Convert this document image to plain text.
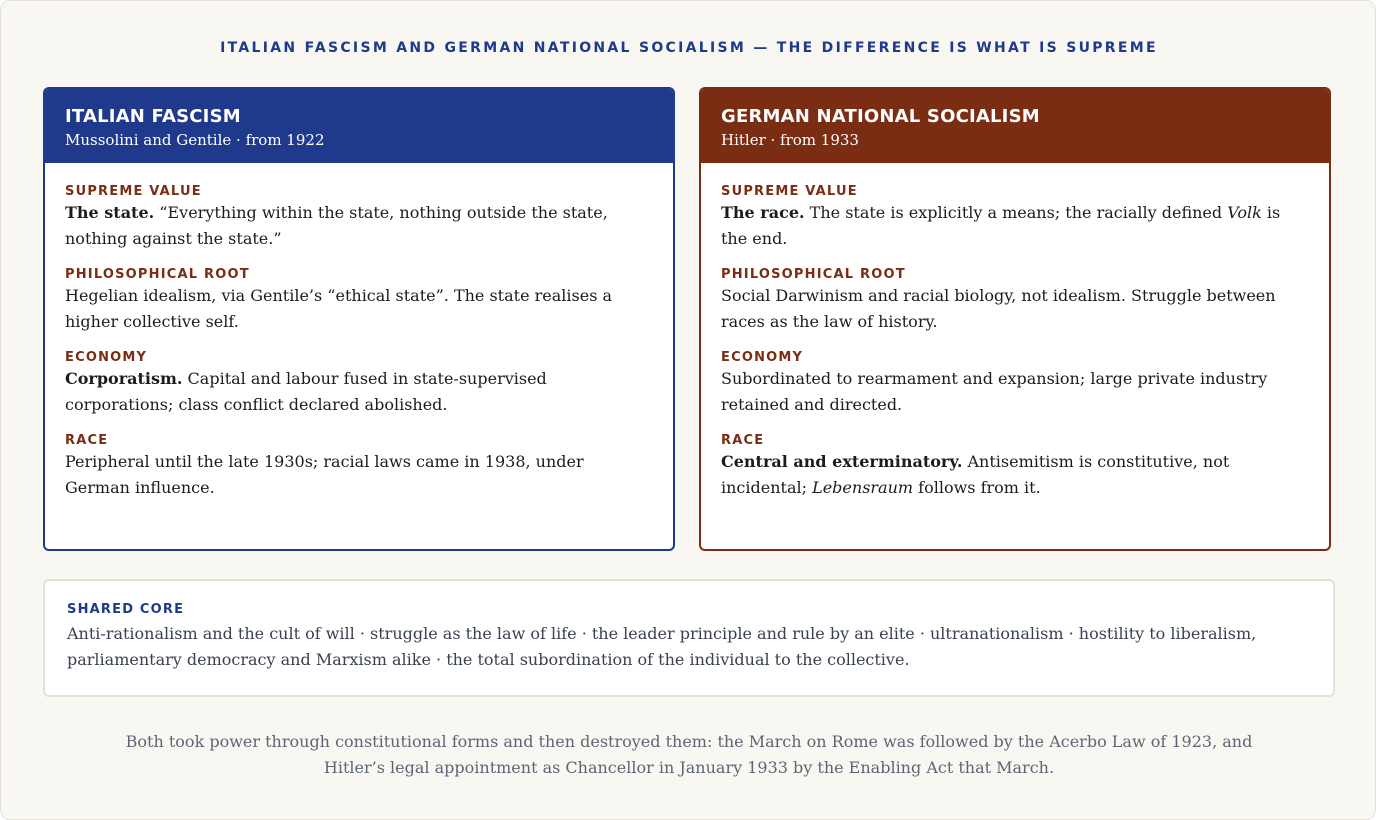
ITALIAN FASCISM AND GERMAN NATIONAL SOCIALISM — THE DIFFERENCE IS WHAT IS SUPREME
ITALIAN FASCISM
Mussolini and Gentile · from 1922
SUPREME VALUE
The state. “Everything within the state, nothing outside the state, nothing against the state.”
PHILOSOPHICAL ROOT
Hegelian idealism, via Gentile’s “ethical state”. The state realises a higher collective self.
ECONOMY
Corporatism. Capital and labour fused in state-supervised corporations; class conflict declared abolished.
RACE
Peripheral until the late 1930s; racial laws came in 1938, under German influence.
GERMAN NATIONAL SOCIALISM
Hitler · from 1933
SUPREME VALUE
The race. The state is explicitly a means; the racially defined Volk is the end.
PHILOSOPHICAL ROOT
Social Darwinism and racial biology, not idealism. Struggle between races as the law of history.
ECONOMY
Subordinated to rearmament and expansion; large private industry retained and directed.
RACE
Central and exterminatory. Antisemitism is constitutive, not incidental; Lebensraum follows from it.
SHARED CORE
Anti-rationalism and the cult of will · struggle as the law of life · the leader principle and rule by an elite · ultranationalism · hostility to liberalism, parliamentary democracy and Marxism alike · the total subordination of the individual to the collective.
Both took power through constitutional forms and then destroyed them: the March on Rome was followed by the Acerbo Law of 1923, and
Hitler’s legal appointment as Chancellor in January 1933 by the Enabling Act that March.
